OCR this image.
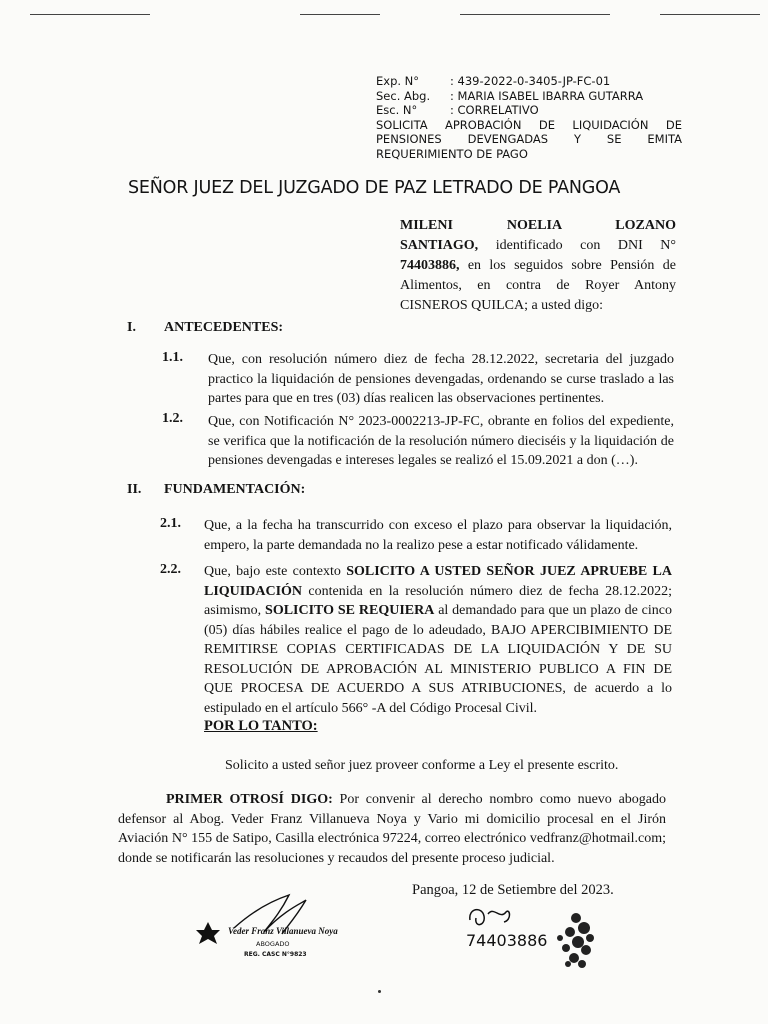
Exp. N°	: 439-2022-0-3405-JP-FC-01
Sec. Abg.	: MARIA ISABEL IBARRA GUTARRA
Esc. N°	: CORRELATIVO
SOLICITA APROBACIÓN DE LIQUIDACIÓN DE
PENSIONES DEVENGADAS Y SE EMITA
REQUERIMIENTO DE PAGO
SEÑOR JUEZ DEL JUZGADO DE PAZ LETRADO DE PANGOA
MILENI NOELIA LOZANO
SANTIAGO, identificado con DNI N°
74403886, en los seguidos sobre Pensión de
Alimentos, en contra de Royer Antony
CISNEROS QUILCA; a usted digo:
I. ANTECEDENTES:
1.1. Que, con resolución número diez de fecha 28.12.2022, secretaria del juzgado
practico la liquidación de pensiones devengadas, ordenando se curse traslado a las
partes para que en tres (03) días realicen las observaciones pertinentes.
1.2. Que, con Notificación N° 2023-0002213-JP-FC, obrante en folios del expediente,
se verifica que la notificación de la resolución número dieciséis y la liquidación de
pensiones devengadas e intereses legales se realizó el 15.09.2021 a don (…).
II. FUNDAMENTACIÓN:
2.1. Que, a la fecha ha transcurrido con exceso el plazo para observar la liquidación,
empero, la parte demandada no la realizo pese a estar notificado válidamente.
2.2. Que, bajo este contexto SOLICITO A USTED SEÑOR JUEZ APRUEBE LA
LIQUIDACIÓN contenida en la resolución número diez de fecha 28.12.2022;
asimismo, SOLICITO SE REQUIERA al demandado para que un plazo de cinco
(05) días hábiles realice el pago de lo adeudado, BAJO APERCIBIMIENTO DE
REMITIRSE COPIAS CERTIFICADAS DE LA LIQUIDACIÓN Y DE SU
RESOLUCIÓN DE APROBACIÓN AL MINISTERIO PUBLICO A FIN DE
QUE PROCESA DE ACUERDO A SUS ATRIBUCIONES, de acuerdo a lo
estipulado en el artículo 566° -A del Código Procesal Civil.
POR LO TANTO:
Solicito a usted señor juez proveer conforme a Ley el presente escrito.
PRIMER OTROSÍ DIGO: Por convenir al derecho nombro como nuevo abogado
defensor al Abog. Veder Franz Villanueva Noya y Vario mi domicilio procesal en el Jirón
Aviación N° 155 de Satipo, Casilla electrónica 97224, correo electrónico vedfranz@hotmail.com;
donde se notificarán las resoluciones y recaudos del presente proceso judicial.
Pangoa, 12 de Setiembre del 2023.
Veder Franz Villanueva Noya
ABOGADO
REG. CASC N°9823
74403886
